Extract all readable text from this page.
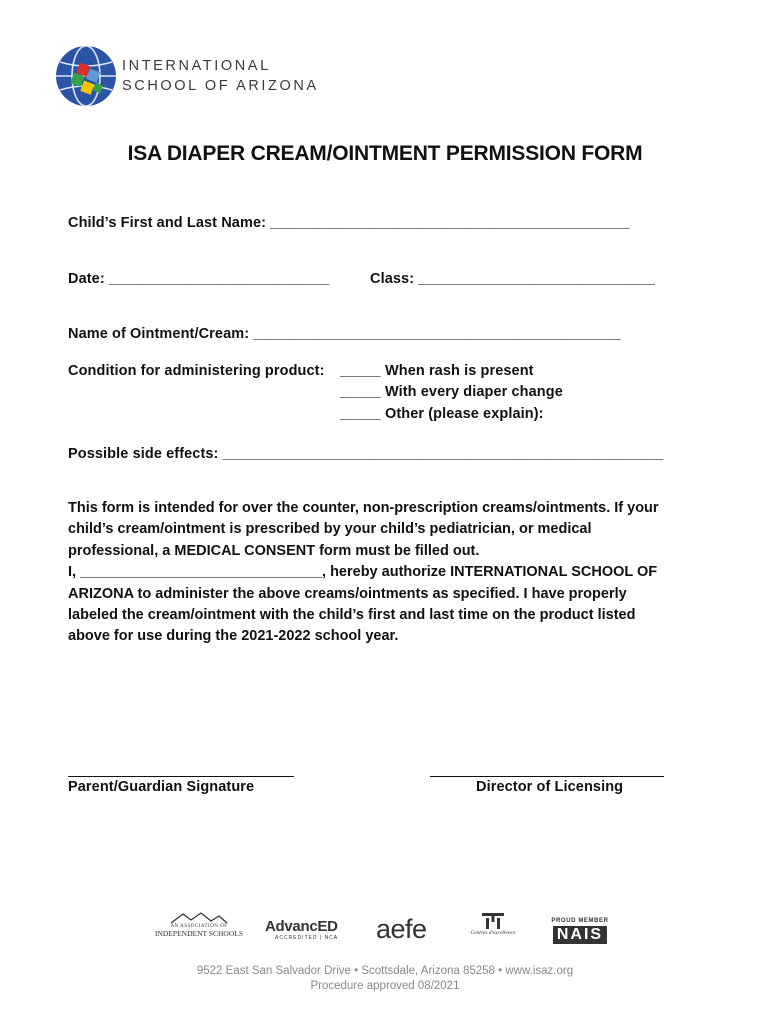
INTERNATIONAL
SCHOOL OF ARIZONA
ISA DIAPER CREAM/OINTMENT PERMISSION FORM
Child’s First and Last Name: ____________________________________________
Date: ___________________________	Class: _____________________________
Name of Ointment/Cream: _____________________________________________
Condition for administering product: _____ When rash is present
_____ With every diaper change
_____ Other (please explain):
Possible side effects: ______________________________________________________
This form is intended for over the counter, non-prescription creams/ointments. If your
child’s cream/ointment is prescribed by your child’s pediatrician, or medical
professional, a MEDICAL CONSENT form must be filled out.
I, ______________________________, hereby authorize INTERNATIONAL SCHOOL OF
ARIZONA to administer the above creams/ointments as specified. I have properly
labeled the cream/ointment with the child’s first and last time on the product listed
above for use during the 2021-2022 school year.
Parent/Guardian Signature	Director of Licensing
AN ASSOCIATION OF
INDEPENDENT SCHOOLS AdvancED
ACCREDITED | NCA aefe	Centres d'excellence
PROUD MEMBER
NAIS
9522 East San Salvador Drive • Scottsdale, Arizona 85258 • www.isaz.org
Procedure approved 08/2021
